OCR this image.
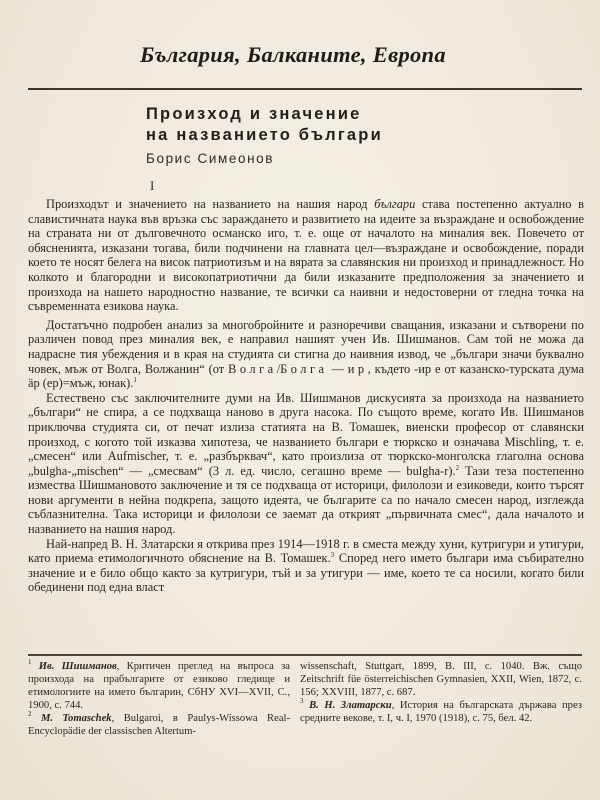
България, Балканите, Европа
Произход и значение
на названието българи
Борис Симеонов
I

Произходът и значението на названието на нашия народ българи става постепенно актуално в славистичната наука във връзка със зараждането и развитието на идеите за възраждане и освобождение на страната ни от дълговечното османско иго, т. е. още от началото на миналия век. Повечето от обясненията, изказани тогава, били подчинени на главната цел—възраждане и освобождение, поради което те носят белега на висок патриотизъм и на вярата за славянския ни произход и принадлежност. Но колкото и благородни и високопатриотични да били изказаните предположения за значението и произхода на нашето народностно название, те всички са наивни и недостоверни от гледна точка на съвременната езикова наука.

Достатъчно подробен анализ за многобройните и разноречиви свaщания, изказани и сътворени по различен повод през миналия век, е направил нашият учен Ив. Шишманов. Сам той не можа да надрасне тия убеждения и в края на студията си стигна до наивния извод, че „българи значи буквално човек, мъж от Волга, Волжанин“ (от Волга/Болга — ир, където -ир е от казанско-турската дума äр (ер)=мъж, юнак).$^1$

Естествено със заключителните думи на Ив. Шишманов дискусията за произхода на названието „българи“ не спира, а се подхваща наново в друга насока. По същото време, когато Ив. Шишманов приключва студията си, от печат излиза статията на В. Томашек, виенски професор от славянски произход, с когото той изказва хипотеза, че названието българи е тюркско и означава Mischling, т. е. „смесен“ или Aufmischer, т. е. „разбърквач“, като произлиза от тюркско-монголска глаголна основа „bulgha-„mischen“ — „смесвам“ (3 л. ед. число, сегашно време — bulgha-r).$^2$ Тази теза постепенно измества Шишмановото заключение и тя се подхваща от историци, филолози и езиковеди, които търсят нови аргументи в нейна подкрепа, защото идеята, че българите са по начало смесен народ, изглежда съблазнителна. Така историци и филолози се заемат да открият „първичната смес“, дала началото и названието на нашия народ.

Най-напред В. Н. Златарски я открива през 1914—1918 г. в сместа между хуни, кутригури и утигури, като приема етимологичното обяснение на В. Томашек.$^3$ Според него името българи има събирателно значение и е било общо както за кутригури, тъй и за утигури — име, което те са носили, когато били обединени под една власт

$^1$ Ив. Шишманов, Критичен преглед на въпроса за произхода на прабългарите от езиково гледище и етимологиите на името българин, СбНУ XVI—XVII, С., 1900, с. 744.

$^2$ M. Tomaschek, Bulgaroi, в Paulys-Wissowa Real-Encyclopädie der classischen Altertum-

wissenschaft, Stuttgart, 1899, B. III, c. 1040. Вж. също Zeitschrift füe österreichischen Gymnasien, XXII, Wien, 1872, c. 156; XXVIII, 1877, c. 687.

$^3$ В. Н. Златарски, История на българската държава през средните векове, т. I, ч. I, 1970 (1918), с. 75, бел. 42.
